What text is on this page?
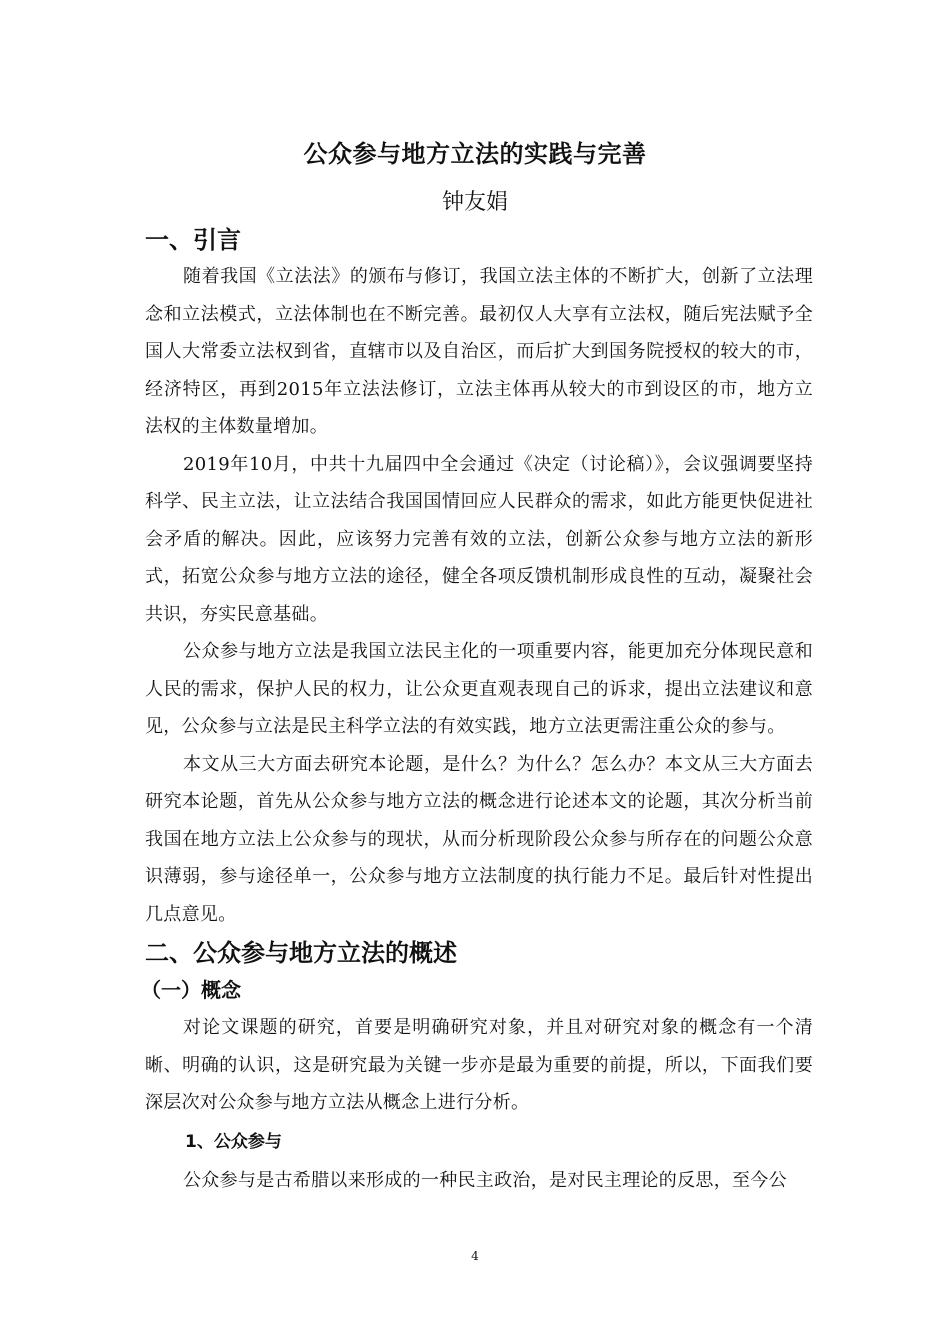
公众参与地方立法的实践与完善
钟友娟
一、引言

随着我国《立法法》的颁布与修订，我国立法主体的不断扩大，创新了立法理念和立法模式，立法体制也在不断完善。最初仅人大享有立法权，随后宪法赋予全国人大常委立法权到省，直辖市以及自治区，而后扩大到国务院授权的较大的市，经济特区，再到2015年立法法修订，立法主体再从较大的市到设区的市，地方立法权的主体数量增加。

2019年10月，中共十九届四中全会通过《决定（讨论稿）》，会议强调要坚持科学、民主立法，让立法结合我国国情回应人民群众的需求，如此方能更快促进社会矛盾的解决。因此，应该努力完善有效的立法，创新公众参与地方立法的新形式，拓宽公众参与地方立法的途径，健全各项反馈机制形成良性的互动，凝聚社会共识，夯实民意基础。

公众参与地方立法是我国立法民主化的一项重要内容，能更加充分体现民意和人民的需求，保护人民的权力，让公众更直观表现自己的诉求，提出立法建议和意见，公众参与立法是民主科学立法的有效实践，地方立法更需注重公众的参与。

本文从三大方面去研究本论题，是什么？为什么？怎么办？本文从三大方面去研究本论题，首先从公众参与地方立法的概念进行论述本文的论题，其次分析当前我国在地方立法上公众参与的现状，从而分析现阶段公众参与所存在的问题公众意识薄弱，参与途径单一，公众参与地方立法制度的执行能力不足。最后针对性提出几点意见。

二、公众参与地方立法的概述
（一）概念

对论文课题的研究，首要是明确研究对象，并且对研究对象的概念有一个清晰、明确的认识，这是研究最为关键一步亦是最为重要的前提，所以，下面我们要深层次对公众参与地方立法从概念上进行分析。

1、公众参与

公众参与是古希腊以来形成的一种民主政治，是对民主理论的反思，至今公

4
